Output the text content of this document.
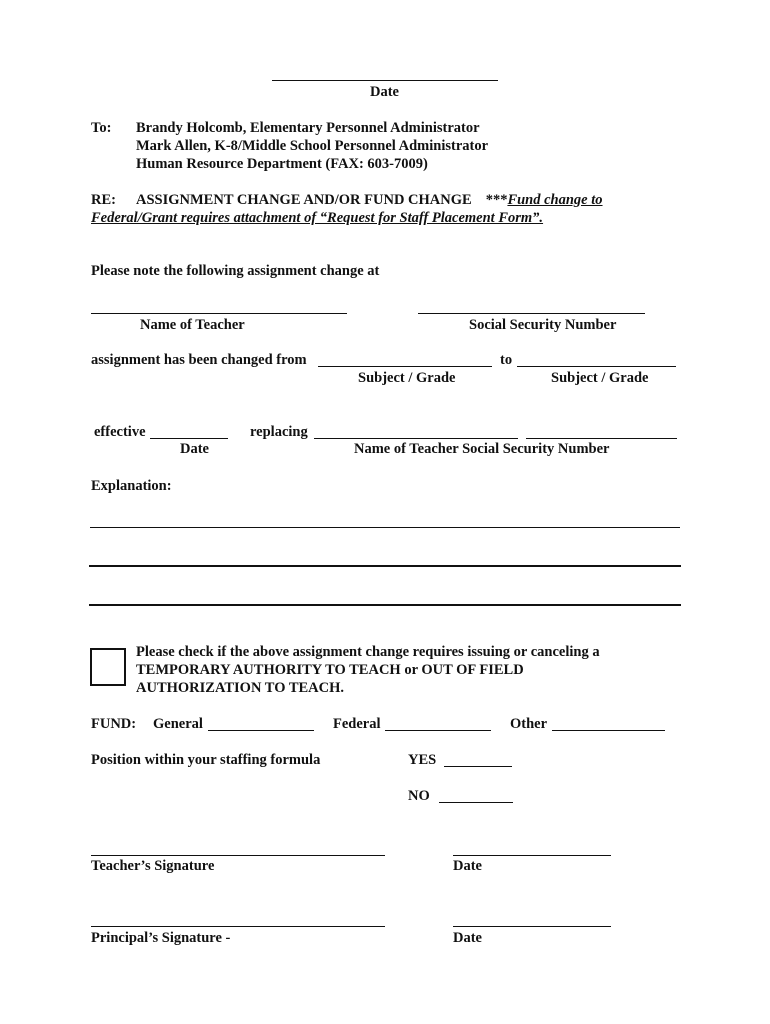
Date
To: Brandy Holcomb, Elementary Personnel Administrator
Mark Allen, K-8/Middle School Personnel Administrator
Human Resource Department (FAX: 603-7009)
RE: ASSIGNMENT CHANGE AND/OR FUND CHANGE ***Fund change to
Federal/Grant requires attachment of “Request for Staff Placement Form”.
Please note the following assignment change at
Name of Teacher	Social Security Number
assignment has been changed from	to
Subject / Grade	Subject / Grade
effective	replacing
Date	Name of Teacher Social Security Number
Explanation:
Please check if the above assignment change requires issuing or canceling a
TEMPORARY AUTHORITY TO TEACH or OUT OF FIELD
AUTHORIZATION TO TEACH.
FUND: General	Federal	Other
Position within your staffing formula	YES
NO
Teacher’s Signature	Date
Principal’s Signature -	Date
